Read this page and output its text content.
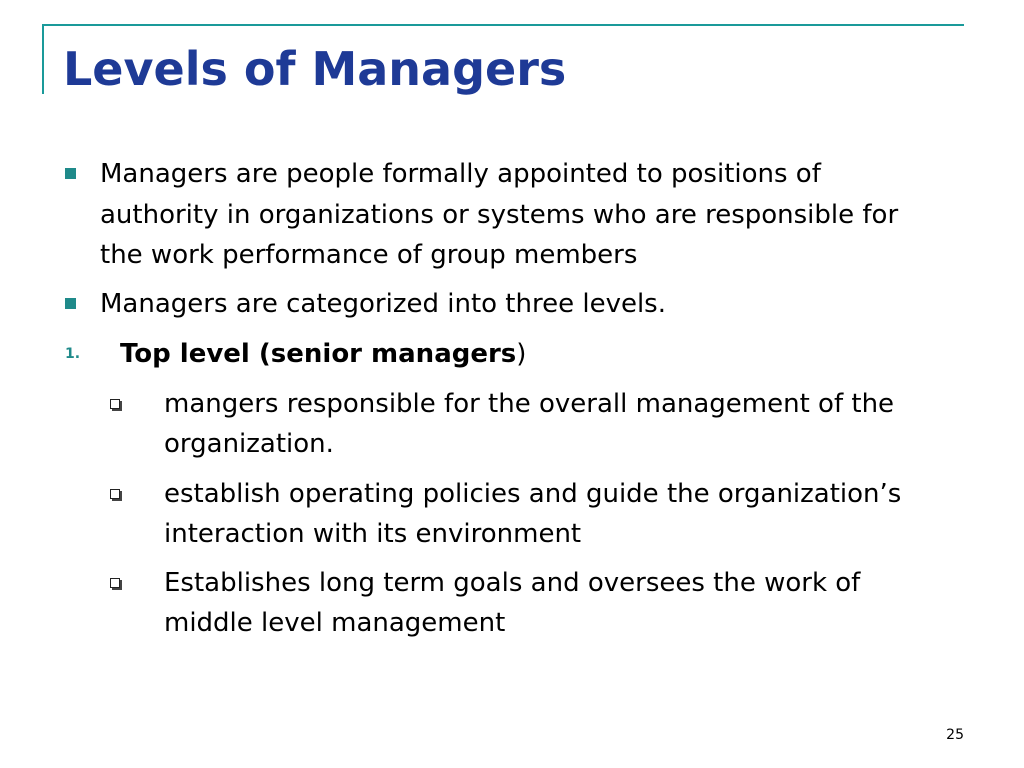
Levels of Managers
Managers are people formally appointed to positions of
authority in organizations or systems who are responsible for
the work performance of group members
Managers are categorized into three levels.
1. Top level (senior managers)
mangers responsible for the overall management of the
organization.
establish operating policies and guide the organization’s
interaction with its environment
Establishes long term goals and oversees the work of
middle level management
25
